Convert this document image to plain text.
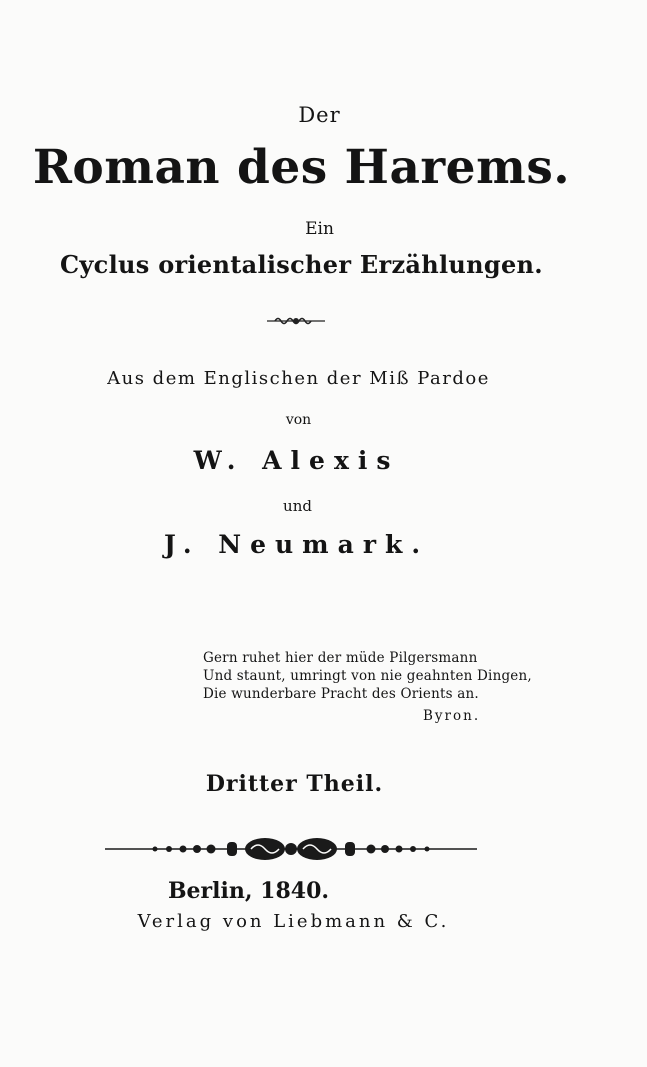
Der
Roman des Harems.
Ein
Cyclus orientalischer Erzählungen.
Aus dem Englischen der Miß Pardoe
von
W. Alexis
und
J. Neumark.
Gern ruhet hier der müde Pilgersmann
Und staunt, umringt von nie geahnten Dingen,
Die wunderbare Pracht des Orients an.
Byron.
Dritter Theil.
Berlin, 1840.
Verlag von Liebmann & C.
